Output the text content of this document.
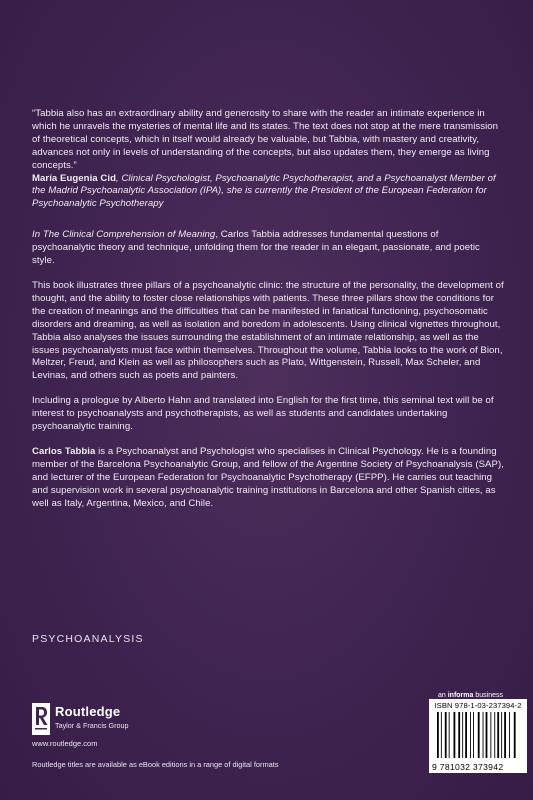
“Tabbia also has an extraordinary ability and generosity to share with the reader an intimate experience in which he unravels the mysteries of mental life and its states. The text does not stop at the mere transmission of theoretical concepts, which in itself would already be valuable, but Tabbia, with mastery and creativity, advances not only in levels of understanding of the concepts, but also updates them, they emerge as living concepts.”

María Eugenia Cid, Clinical Psychologist, Psychoanalytic Psychotherapist, and a Psychoanalyst Member of the Madrid Psychoanalytic Association (IPA), she is currently the President of the European Federation for Psychoanalytic Psychotherapy

In The Clinical Comprehension of Meaning, Carlos Tabbia addresses fundamental questions of psychoanalytic theory and technique, unfolding them for the reader in an elegant, passionate, and poetic style.

This book illustrates three pillars of a psychoanalytic clinic: the structure of the personality, the development of thought, and the ability to foster close relationships with patients. These three pillars show the conditions for the creation of meanings and the difficulties that can be manifested in fanatical functioning, psychosomatic disorders and dreaming, as well as isolation and boredom in adolescents. Using clinical vignettes throughout, Tabbia also analyses the issues surrounding the establishment of an intimate relationship, as well as the issues psychoanalysts must face within themselves. Throughout the volume, Tabbia looks to the work of Bion, Meltzer, Freud, and Klein as well as philosophers such as Plato, Wittgenstein, Russell, Max Scheler, and Levinas, and others such as poets and painters.

Including a prologue by Alberto Hahn and translated into English for the first time, this seminal text will be of interest to psychoanalysts and psychotherapists, as well as students and candidates undertaking psychoanalytic training.

Carlos Tabbia is a Psychoanalyst and Psychologist who specialises in Clinical Psychology. He is a founding member of the Barcelona Psychoanalytic Group, and fellow of the Argentine Society of Psychoanalysis (SAP), and lecturer of the European Federation for Psychoanalytic Psychotherapy (EFPP). He carries out teaching and supervision work in several psychoanalytic training institutions in Barcelona and other Spanish cities, as well as Italy, Argentina, Mexico, and Chile.

PSYCHOANALYSIS
Routledge
Taylor & Francis Group
www.routledge.com
Routledge titles are available as eBook editions in a range of digital formats
an informa business
ISBN 978-1-03-237394-2
9 781032 373942
